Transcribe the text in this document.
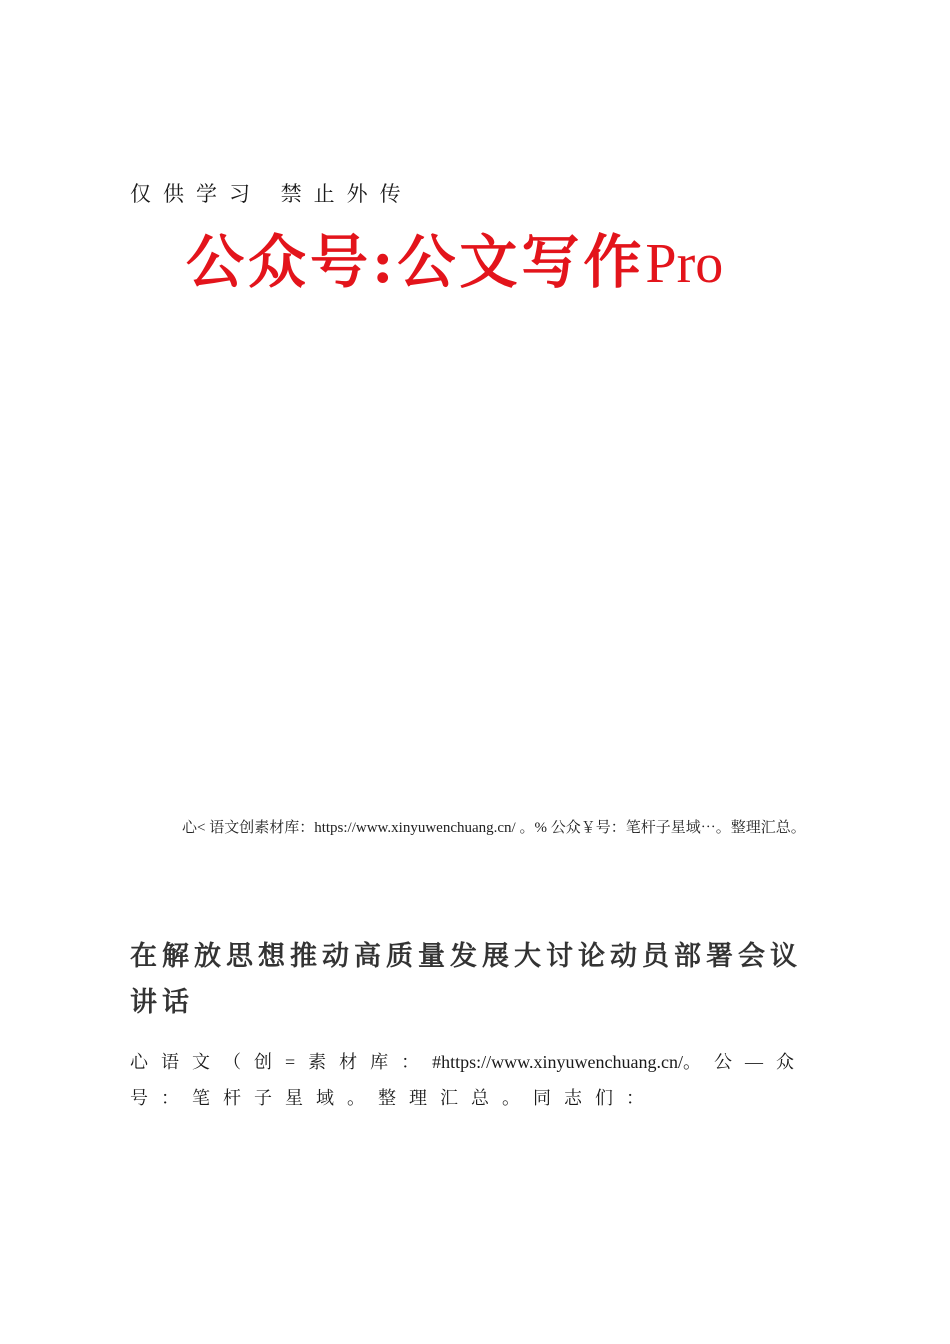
仅供学习 禁止外传
公众号:公文写作Pro
心< 语文创素材库：https://www.xinyuwenchuang.cn/ 。% 公众￥号：笔杆子星域⋯。整理汇总。
在解放思想推动高质量发展大讨论动员部署会议讲话
心语文（创=素材库：#https://www.xinyuwenchuang.cn/。公—众号：笔杆子星域。整理汇总。同志们：
